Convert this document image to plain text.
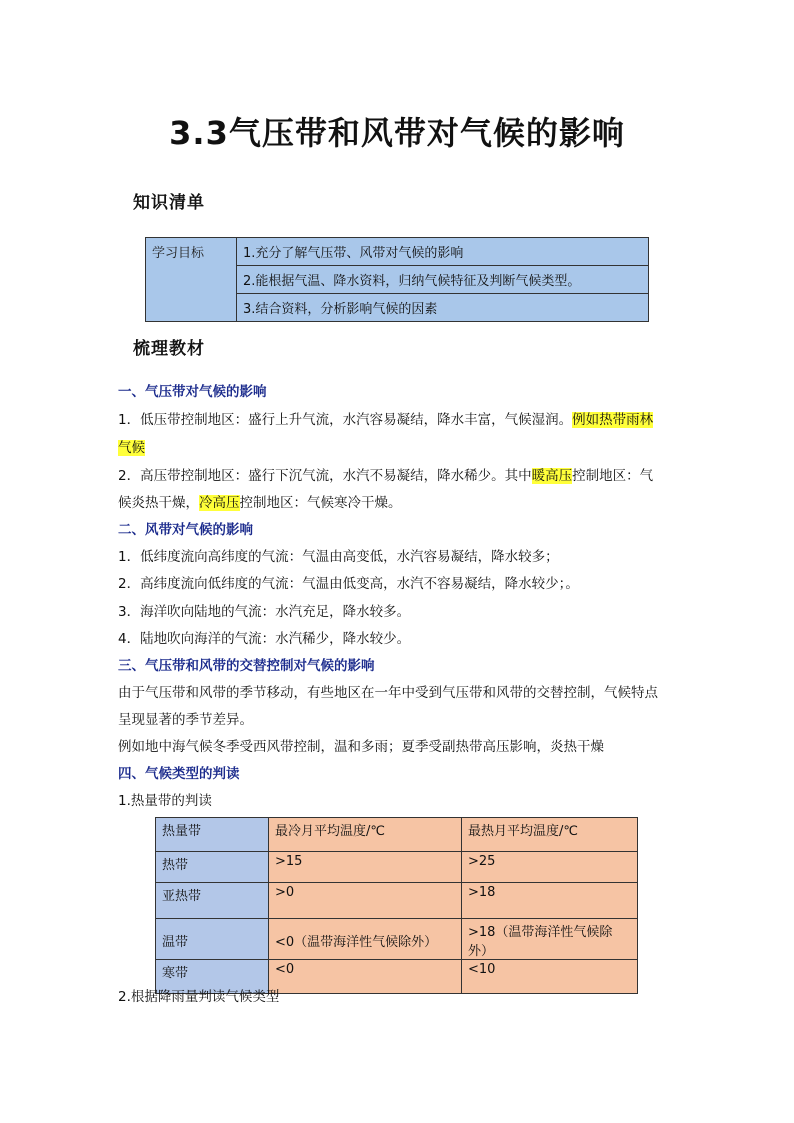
3.3气压带和风带对气候的影响
知识清单
学习目标	1.充分了解气压带、风带对气候的影响
2.能根据气温、降水资料，归纳气候特征及判断气候类型。
3.结合资料，分析影响气候的因素
梳理教材
一、气压带对气候的影响
1．低压带控制地区：盛行上升气流，水汽容易凝结，降水丰富，气候湿润。例如热带雨林
气候
2．高压带控制地区：盛行下沉气流，水汽不易凝结，降水稀少。其中暖高压控制地区：气
候炎热干燥，冷高压控制地区：气候寒冷干燥。
二、风带对气候的影响
1．低纬度流向高纬度的气流：气温由高变低，水汽容易凝结，降水较多；
2．高纬度流向低纬度的气流：气温由低变高，水汽不容易凝结，降水较少；。
3．海洋吹向陆地的气流：水汽充足，降水较多。
4．陆地吹向海洋的气流：水汽稀少，降水较少。
三、气压带和风带的交替控制对气候的影响
由于气压带和风带的季节移动，有些地区在一年中受到气压带和风带的交替控制，气候特点
呈现显著的季节差异。
例如地中海气候冬季受西风带控制，温和多雨；夏季受副热带高压影响，炎热干燥
四、气候类型的判读
1.热量带的判读
热量带	最冷月平均温度/℃	最热月平均温度/℃
热带	>15	>25
亚热带	>0	>18
温带	<0（温带海洋性气候除外）	>18（温带海洋性气候除外）
寒带	<0	<10
2.根据降雨量判读气候类型
